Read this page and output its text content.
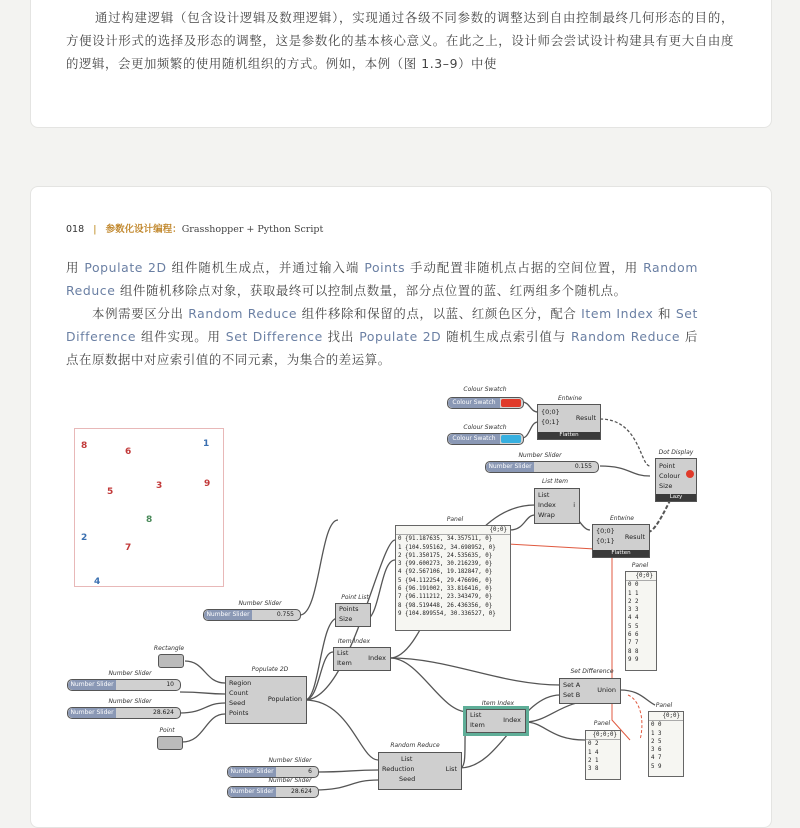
通过构建逻辑（包含设计逻辑及数理逻辑），实现通过各级不同参数的调整达到自由控制最终几何形态的目的，方便设计形式的选择及形态的调整，这是参数化的基本核心意义。在此之上，设计师会尝试设计构建具有更大自由度的逻辑，会更加频繁的使用随机组织的方式。例如，本例（图 1.3–9）中使

018 | 参数化设计编程：Grasshopper + Python Script

用 Populate 2D 组件随机生成点，并通过输入端 Points 手动配置非随机点占据的空间位置，用 Random Reduce 组件随机移除点对象，获取最终可以控制点数量，部分点位置的蓝、红两组多个随机点。

本例需要区分出 Random Reduce 组件移除和保留的点，以蓝、红颜色区分，配合 Item Index 和 Set Difference 组件实现。用 Set Difference 找出 Populate 2D 随机生成点索引值与 Random Reduce 后点在原数据中对应索引值的不同元素，为集合的差运算。

8
6
1
5
3	9
8
2
7
4
Colour Swatch
Colour Swatch
Colour Swatch
Colour Swatch
Entwine
{0;0}
{0;1} Result
Flatten
Number Slider
Number Slider	0.155
Dot Display
Point
Colour
Size
Lazy
List Item
List
Index
Wrap
i
Entwine
{0;0}
{0;1} Result
Flatten
Panel
{0;0}
0 {91.187635, 34.357511, 0}
1 {104.595162, 34.698952, 0}
2 {91.350175, 24.535635, 0}
3 {99.600273, 30.216239, 0}
4 {92.567106, 19.182847, 0}
5 {94.112254, 29.476696, 0}
6 {96.191002, 33.816416, 0}
7 {96.111212, 23.343479, 0}
8 {98.519448, 26.436356, 0}
9 {104.899554, 30.336527, 0}
Panel
{0;0}
0 0
1 1
2 2
3 3
4 4
5 5
6 6
7 7
8 8
9 9
Number Slider
Number Slider	0.755
Point List
Points
Size
Item Index
List
Item
Index
Rectangle
Number Slider
Number Slider	10
Number Slider
Number Slider	28.624
Point
Populate 2D
Region
Count
Seed
Points
Population
Set Difference
Set A
Set B
Union
Item Index
List
Item
Index	Panel
{0;0;0}
0 2
1 4
2 1
3 8
Panel
{0;0}
0 0
1 3
2 5
3 6
4 7
5 9
Random Reduce
List
Reduction
Seed
List
Number Slider
Number Slider	6
Number Slider
Number Slider	28.624
